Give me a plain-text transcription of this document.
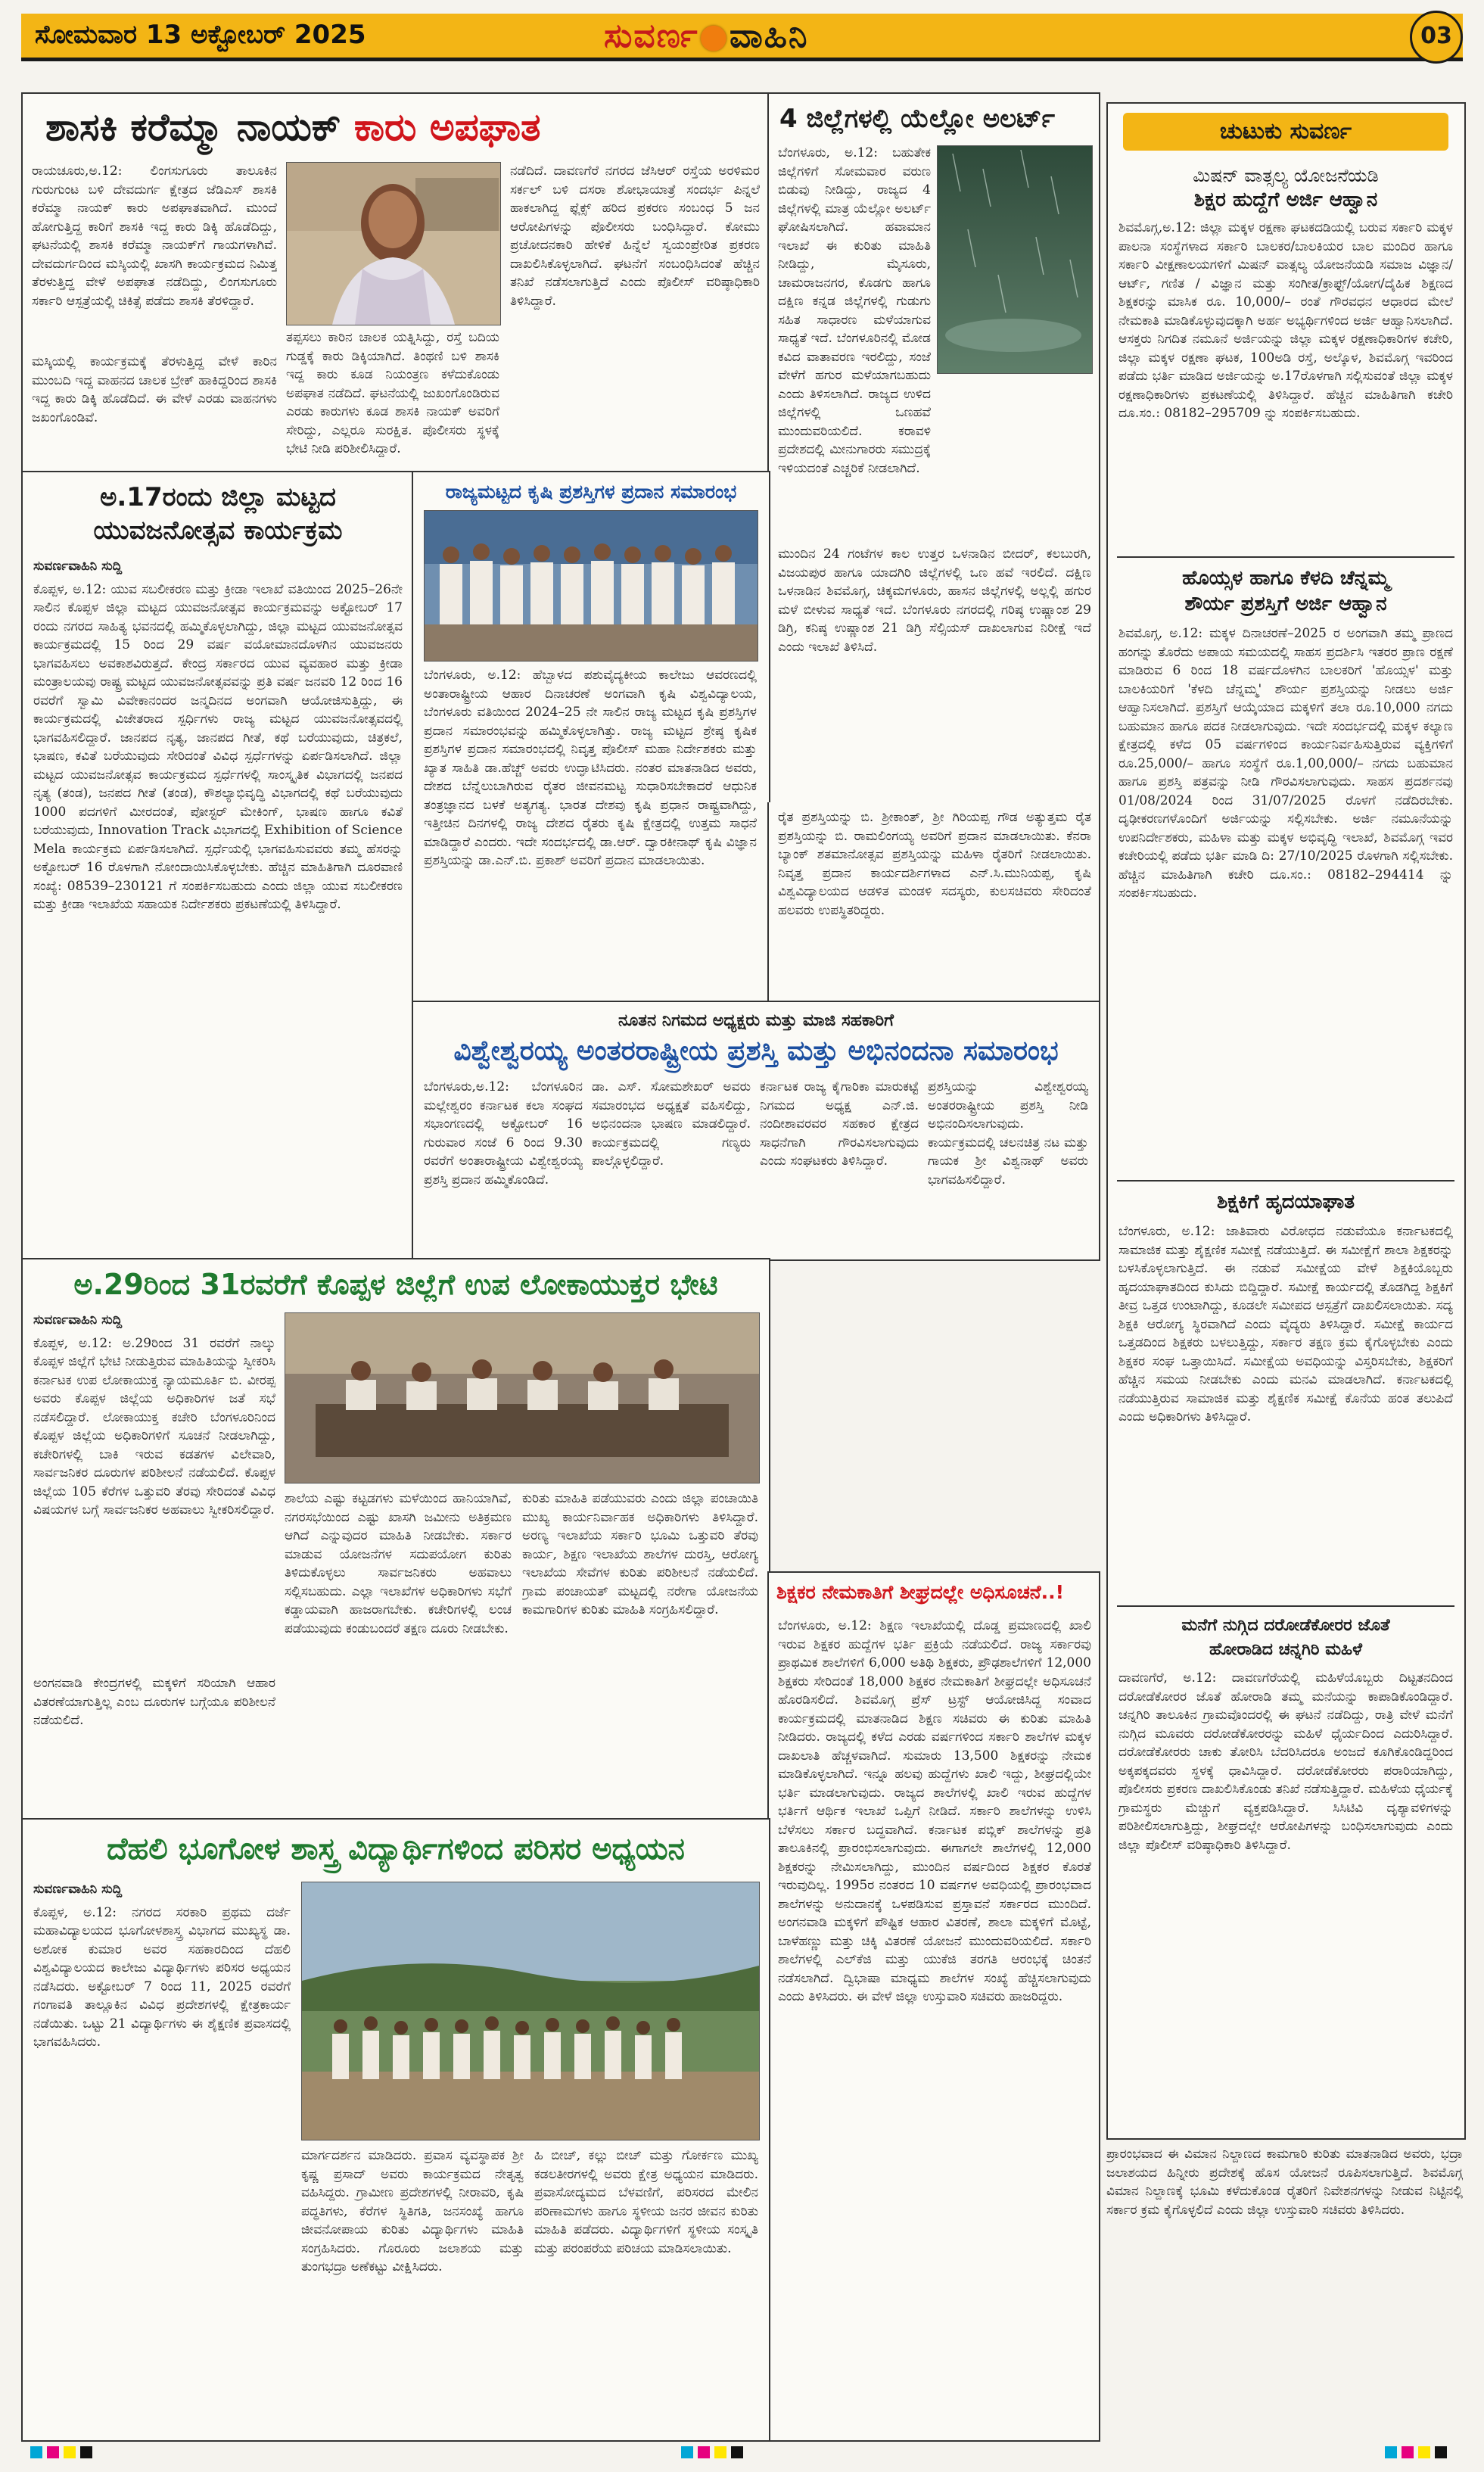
ಸೋಮವಾರ 13 ಅಕ್ಟೋಬರ್ 2025	ಸುವರ್ಣ●ವಾಹಿನಿ	03
ಶಾಸಕಿ ಕರೆಮ್ಮಾ ನಾಯಕ್ ಕಾರು ಅಪಘಾತ

ರಾಯಚೂರು,ಅ.12: ಲಿಂಗಸುಗೂರು ತಾಲೂಕಿನ ಗುರುಗುಂಟ ಬಳಿ ದೇವದುರ್ಗ ಕ್ಷೇತ್ರದ ಜೆಡಿಎಸ್ ಶಾಸಕಿ ಕರೆಮ್ಮಾ ನಾಯಕ್ ಕಾರು ಅಪಘಾತವಾಗಿದೆ. ಮುಂದೆ ಹೋಗುತ್ತಿದ್ದ ಕಾರಿಗೆ ಶಾಸಕಿ ಇದ್ದ ಕಾರು ಡಿಕ್ಕಿ ಹೊಡೆದಿದ್ದು, ಘಟನೆಯಲ್ಲಿ ಶಾಸಕಿ ಕರೆಮ್ಮಾ ನಾಯಕ್‌ಗೆ ಗಾಯಗಳಾಗಿವೆ. ದೇವದುರ್ಗದಿಂದ ಮಸ್ಕಿಯಲ್ಲಿ ಖಾಸಗಿ ಕಾರ್ಯಕ್ರಮದ ನಿಮಿತ್ತ ತೆರಳುತ್ತಿದ್ದ ವೇಳೆ ಅಪಘಾತ ನಡೆದಿದ್ದು, ಲಿಂಗಸುಗೂರು ಸರ್ಕಾರಿ ಆಸ್ಪತ್ರೆಯಲ್ಲಿ ಚಿಕಿತ್ಸೆ ಪಡೆದು ಶಾಸಕಿ ತೆರಳಿದ್ದಾರೆ.

ಮಸ್ಕಿಯಲ್ಲಿ ಕಾರ್ಯಕ್ರಮಕ್ಕೆ ತೆರಳುತ್ತಿದ್ದ ವೇಳೆ ಕಾರಿನ ಮುಂಬದಿ ಇದ್ದ ವಾಹನದ ಚಾಲಕ ಬ್ರೇಕ್ ಹಾಕಿದ್ದರಿಂದ ಶಾಸಕಿ ಇದ್ದ ಕಾರು ಡಿಕ್ಕಿ ಹೊಡೆದಿದೆ. ಈ ವೇಳೆ ಎರಡು ವಾಹನಗಳು ಜಖಂಗೊಂಡಿವೆ.

ತಪ್ಪಸಲು ಕಾರಿನ ಚಾಲಕ ಯತ್ನಿಸಿದ್ದು, ರಸ್ತೆ ಬದಿಯ ಗುಡ್ಡಕ್ಕೆ ಕಾರು ಡಿಕ್ಕಿಯಾಗಿದೆ. ತಿಂಥಣಿ ಬಳಿ ಶಾಸಕಿ ಇದ್ದ ಕಾರು ಕೂಡ ನಿಯಂತ್ರಣ ಕಳೆದುಕೊಂಡು ಅಪಘಾತ ನಡೆದಿದೆ. ಘಟನೆಯಲ್ಲಿ ಜುಖಂಗೊಂಡಿರುವ ಎರಡು ಕಾರುಗಳು ಕೂಡ ಶಾಸಕಿ ನಾಯಕ್ ಅವರಿಗೆ ಸೇರಿದ್ದು, ಎಲ್ಲರೂ ಸುರಕ್ಷಿತ. ಪೊಲೀಸರು ಸ್ಥಳಕ್ಕೆ ಭೇಟಿ ನೀಡಿ ಪರಿಶೀಲಿಸಿದ್ದಾರೆ.

ನಡೆದಿದೆ. ದಾವಣಗೆರೆ ನಗರದ ಜೆಸಿಆರ್ ರಸ್ತೆಯ ಅರಳಿಮರ ಸರ್ಕಲ್ ಬಳಿ ದಸರಾ ಶೋಭಾಯಾತ್ರೆ ಸಂದರ್ಭ ಪಿನ್ನಲೆ ಹಾಕಲಾಗಿದ್ದ ಫ್ಲೆಕ್ಸ್ ಹರಿದ ಪ್ರಕರಣ ಸಂಬಂಧ 5 ಜನ ಆರೋಪಿಗಳನ್ನು ಪೊಲೀಸರು ಬಂಧಿಸಿದ್ದಾರೆ. ಕೋಮು ಪ್ರಚೋದನಕಾರಿ ಹೇಳಿಕೆ ಹಿನ್ನೆಲೆ ಸ್ವಯಂಪ್ರೇರಿತ ಪ್ರಕರಣ ದಾಖಲಿಸಿಕೊಳ್ಳಲಾಗಿದೆ. ಘಟನೆಗೆ ಸಂಬಂಧಿಸಿದಂತೆ ಹೆಚ್ಚಿನ ತನಿಖೆ ನಡೆಸಲಾಗುತ್ತಿದೆ ಎಂದು ಪೊಲೀಸ್ ವರಿಷ್ಠಾಧಿಕಾರಿ ತಿಳಿಸಿದ್ದಾರೆ.

4 ಜಿಲ್ಲೆಗಳಲ್ಲಿ ಯೆಲ್ಲೋ ಅಲರ್ಟ್

ಬೆಂಗಳೂರು, ಅ.12: ಬಹುತೇಕ ಜಿಲ್ಲೆಗಳಿಗೆ ಸೋಮವಾರ ವರುಣ ಬಿಡುವು ನೀಡಿದ್ದು, ರಾಜ್ಯದ 4 ಜಿಲ್ಲೆಗಳಲ್ಲಿ ಮಾತ್ರ ಯೆಲ್ಲೋ ಅಲರ್ಟ್ ಘೋಷಿಸಲಾಗಿದೆ. ಹವಾಮಾನ ಇಲಾಖೆ ಈ ಕುರಿತು ಮಾಹಿತಿ ನೀಡಿದ್ದು, ಮೈಸೂರು, ಚಾಮರಾಜನಗರ, ಕೊಡಗು ಹಾಗೂ ದಕ್ಷಿಣ ಕನ್ನಡ ಜಿಲ್ಲೆಗಳಲ್ಲಿ ಗುಡುಗು ಸಹಿತ ಸಾಧಾರಣ ಮಳೆಯಾಗುವ ಸಾಧ್ಯತೆ ಇದೆ. ಬೆಂಗಳೂರಿನಲ್ಲಿ ಮೋಡ ಕವಿದ ವಾತಾವರಣ ಇರಲಿದ್ದು, ಸಂಜೆ ವೇಳೆಗೆ ಹಗುರ ಮಳೆಯಾಗಬಹುದು ಎಂದು ತಿಳಿಸಲಾಗಿದೆ. ರಾಜ್ಯದ ಉಳಿದ ಜಿಲ್ಲೆಗಳಲ್ಲಿ ಒಣಹವೆ ಮುಂದುವರಿಯಲಿದೆ. ಕರಾವಳಿ ಪ್ರದೇಶದಲ್ಲಿ ಮೀನುಗಾರರು ಸಮುದ್ರಕ್ಕೆ ಇಳಿಯದಂತೆ ಎಚ್ಚರಿಕೆ ನೀಡಲಾಗಿದೆ.

ಮುಂದಿನ 24 ಗಂಟೆಗಳ ಕಾಲ ಉತ್ತರ ಒಳನಾಡಿನ ಬೀದರ್, ಕಲಬುರಗಿ, ವಿಜಯಪುರ ಹಾಗೂ ಯಾದಗಿರಿ ಜಿಲ್ಲೆಗಳಲ್ಲಿ ಒಣ ಹವೆ ಇರಲಿದೆ. ದಕ್ಷಿಣ ಒಳನಾಡಿನ ಶಿವಮೊಗ್ಗ, ಚಿಕ್ಕಮಗಳೂರು, ಹಾಸನ ಜಿಲ್ಲೆಗಳಲ್ಲಿ ಅಲ್ಲಲ್ಲಿ ಹಗುರ ಮಳೆ ಬೀಳುವ ಸಾಧ್ಯತೆ ಇದೆ. ಬೆಂಗಳೂರು ನಗರದಲ್ಲಿ ಗರಿಷ್ಠ ಉಷ್ಣಾಂಶ 29 ಡಿಗ್ರಿ, ಕನಿಷ್ಠ ಉಷ್ಣಾಂಶ 21 ಡಿಗ್ರಿ ಸೆಲ್ಸಿಯಸ್ ದಾಖಲಾಗುವ ನಿರೀಕ್ಷೆ ಇದೆ ಎಂದು ಇಲಾಖೆ ತಿಳಿಸಿದೆ.

ಅ.17ರಂದು ಜಿಲ್ಲಾ ಮಟ್ಟದ
ಯುವಜನೋತ್ಸವ ಕಾರ್ಯಕ್ರಮ

ಸುವರ್ಣವಾಹಿನಿ ಸುದ್ದಿ

ಕೊಪ್ಪಳ, ಅ.12: ಯುವ ಸಬಲೀಕರಣ ಮತ್ತು ಕ್ರೀಡಾ ಇಲಾಖೆ ವತಿಯಿಂದ 2025–26ನೇ ಸಾಲಿನ ಕೊಪ್ಪಳ ಜಿಲ್ಲಾ ಮಟ್ಟದ ಯುವಜನೋತ್ಸವ ಕಾರ್ಯಕ್ರಮವನ್ನು ಅಕ್ಟೋಬರ್ 17 ರಂದು ನಗರದ ಸಾಹಿತ್ಯ ಭವನದಲ್ಲಿ ಹಮ್ಮಿಕೊಳ್ಳಲಾಗಿದ್ದು, ಜಿಲ್ಲಾ ಮಟ್ಟದ ಯುವಜನೋತ್ಸವ ಕಾರ್ಯಕ್ರಮದಲ್ಲಿ 15 ರಿಂದ 29 ವರ್ಷ ವಯೋಮಾನದೊಳಗಿನ ಯುವಜನರು ಭಾಗವಹಿಸಲು ಅವಕಾಶವಿರುತ್ತದೆ. ಕೇಂದ್ರ ಸರ್ಕಾರದ ಯುವ ವ್ಯವಹಾರ ಮತ್ತು ಕ್ರೀಡಾ ಮಂತ್ರಾಲಯವು ರಾಷ್ಟ್ರ ಮಟ್ಟದ ಯುವಜನೋತ್ಸವವನ್ನು ಪ್ರತಿ ವರ್ಷ ಜನವರಿ 12 ರಿಂದ 16 ರವರೆಗೆ ಸ್ವಾಮಿ ವಿವೇಕಾನಂದರ ಜನ್ಮದಿನದ ಅಂಗವಾಗಿ ಆಯೋಜಿಸುತ್ತಿದ್ದು, ಈ ಕಾರ್ಯಕ್ರಮದಲ್ಲಿ ವಿಜೇತರಾದ ಸ್ಪರ್ಧಿಗಳು ರಾಜ್ಯ ಮಟ್ಟದ ಯುವಜನೋತ್ಸವದಲ್ಲಿ ಭಾಗವಹಿಸಲಿದ್ದಾರೆ. ಜಾನಪದ ನೃತ್ಯ, ಜಾನಪದ ಗೀತೆ, ಕಥೆ ಬರೆಯುವುದು, ಚಿತ್ರಕಲೆ, ಭಾಷಣ, ಕವಿತೆ ಬರೆಯುವುದು ಸೇರಿದಂತೆ ವಿವಿಧ ಸ್ಪರ್ಧೆಗಳನ್ನು ಏರ್ಪಡಿಸಲಾಗಿದೆ. ಜಿಲ್ಲಾ ಮಟ್ಟದ ಯುವಜನೋತ್ಸವ ಕಾರ್ಯಕ್ರಮದ ಸ್ಪರ್ಧೆಗಳಲ್ಲಿ ಸಾಂಸ್ಕೃತಿಕ ವಿಭಾಗದಲ್ಲಿ ಜನಪದ ನೃತ್ಯ (ತಂಡ), ಜನಪದ ಗೀತೆ (ತಂಡ), ಕೌಶಲ್ಯಾಭಿವೃದ್ಧಿ ವಿಭಾಗದಲ್ಲಿ ಕಥೆ ಬರೆಯುವುದು 1000 ಪದಗಳಿಗೆ ಮೀರದಂತೆ, ಪೋಸ್ಟರ್ ಮೇಕಿಂಗ್, ಭಾಷಣ ಹಾಗೂ ಕವಿತೆ ಬರೆಯುವುದು, Innovation Track ವಿಭಾಗದಲ್ಲಿ Exhibition of Science Mela ಕಾರ್ಯಕ್ರಮ ಏರ್ಪಡಿಸಲಾಗಿದೆ. ಸ್ಪರ್ಧೆಯಲ್ಲಿ ಭಾಗವಹಿಸುವವರು ತಮ್ಮ ಹೆಸರನ್ನು ಅಕ್ಟೋಬರ್ 16 ರೊಳಗಾಗಿ ನೋಂದಾಯಿಸಿಕೊಳ್ಳಬೇಕು. ಹೆಚ್ಚಿನ ಮಾಹಿತಿಗಾಗಿ ದೂರವಾಣಿ ಸಂಖ್ಯೆ: 08539–230121 ಗೆ ಸಂಪರ್ಕಿಸಬಹುದು ಎಂದು ಜಿಲ್ಲಾ ಯುವ ಸಬಲೀಕರಣ ಮತ್ತು ಕ್ರೀಡಾ ಇಲಾಖೆಯ ಸಹಾಯಕ ನಿರ್ದೇಶಕರು ಪ್ರಕಟಣೆಯಲ್ಲಿ ತಿಳಿಸಿದ್ದಾರೆ.

ರಾಜ್ಯಮಟ್ಟದ ಕೃಷಿ ಪ್ರಶಸ್ತಿಗಳ ಪ್ರದಾನ ಸಮಾರಂಭ

ಬೆಂಗಳೂರು, ಅ.12: ಹೆಬ್ಬಾಳದ ಪಶುವೈದ್ಯಕೀಯ ಕಾಲೇಜು ಆವರಣದಲ್ಲಿ ಅಂತಾರಾಷ್ಟ್ರೀಯ ಆಹಾರ ದಿನಾಚರಣೆ ಅಂಗವಾಗಿ ಕೃಷಿ ವಿಶ್ವವಿದ್ಯಾಲಯ, ಬೆಂಗಳೂರು ವತಿಯಿಂದ 2024–25 ನೇ ಸಾಲಿನ ರಾಜ್ಯ ಮಟ್ಟದ ಕೃಷಿ ಪ್ರಶಸ್ತಿಗಳ ಪ್ರದಾನ ಸಮಾರಂಭವನ್ನು ಹಮ್ಮಿಕೊಳ್ಳಲಾಗಿತ್ತು. ರಾಜ್ಯ ಮಟ್ಟದ ಶ್ರೇಷ್ಠ ಕೃಷಿಕ ಪ್ರಶಸ್ತಿಗಳ ಪ್ರದಾನ ಸಮಾರಂಭದಲ್ಲಿ ನಿವೃತ್ತ ಪೊಲೀಸ್ ಮಹಾ ನಿರ್ದೇಶಕರು ಮತ್ತು ಖ್ಯಾತ ಸಾಹಿತಿ ಡಾ.ಹೆಚ್ಚ್ ಅವರು ಉದ್ಘಾಟಿಸಿದರು. ನಂತರ ಮಾತನಾಡಿದ ಅವರು, ದೇಶದ ಬೆನ್ನೆಲುಬಾಗಿರುವ ರೈತರ ಜೀವನಮಟ್ಟ ಸುಧಾರಿಸಬೇಕಾದರೆ ಆಧುನಿಕ ತಂತ್ರಜ್ಞಾನದ ಬಳಕೆ ಅತ್ಯಗತ್ಯ. ಭಾರತ ದೇಶವು ಕೃಷಿ ಪ್ರಧಾನ ರಾಷ್ಟ್ರವಾಗಿದ್ದು, ಇತ್ತೀಚಿನ ದಿನಗಳಲ್ಲಿ ರಾಜ್ಯ ದೇಶದ ರೈತರು ಕೃಷಿ ಕ್ಷೇತ್ರದಲ್ಲಿ ಉತ್ತಮ ಸಾಧನೆ ಮಾಡಿದ್ದಾರೆ ಎಂದರು. ಇದೇ ಸಂದರ್ಭದಲ್ಲಿ ಡಾ.ಆರ್. ದ್ವಾರಕೀನಾಥ್ ಕೃಷಿ ವಿಜ್ಞಾನ ಪ್ರಶಸ್ತಿಯನ್ನು ಡಾ.ಎನ್.ಬಿ. ಪ್ರಕಾಶ್ ಅವರಿಗೆ ಪ್ರದಾನ ಮಾಡಲಾಯಿತು.

ರೈತ ಪ್ರಶಸ್ತಿಯನ್ನು ಬಿ. ಶ್ರೀಕಾಂತ್, ಶ್ರೀ ಗಿರಿಯಪ್ಪ ಗೌಡ ಅತ್ಯುತ್ತಮ ರೈತ ಪ್ರಶಸ್ತಿಯನ್ನು ಬಿ. ರಾಮಲಿಂಗಯ್ಯ ಅವರಿಗೆ ಪ್ರದಾನ ಮಾಡಲಾಯಿತು. ಕೆನರಾ ಬ್ಯಾಂಕ್ ಶತಮಾನೋತ್ಸವ ಪ್ರಶಸ್ತಿಯನ್ನು ಮಹಿಳಾ ರೈತರಿಗೆ ನೀಡಲಾಯಿತು. ನಿವೃತ್ತ ಪ್ರದಾನ ಕಾರ್ಯದರ್ಶಿಗಳಾದ ಎನ್.ಸಿ.ಮುನಿಯಪ್ಪ, ಕೃಷಿ ವಿಶ್ವವಿದ್ಯಾಲಯದ ಆಡಳಿತ ಮಂಡಳಿ ಸದಸ್ಯರು, ಕುಲಸಚಿವರು ಸೇರಿದಂತೆ ಹಲವರು ಉಪಸ್ಥಿತರಿದ್ದರು.

ನೂತನ ನಿಗಮದ ಅಧ್ಯಕ್ಷರು ಮತ್ತು ಮಾಜಿ ಸಹಕಾರಿಗೆ
ವಿಶ್ವೇಶ್ವರಯ್ಯ ಅಂತರರಾಷ್ಟ್ರೀಯ ಪ್ರಶಸ್ತಿ ಮತ್ತು ಅಭಿನಂದನಾ ಸಮಾರಂಭ

ಬೆಂಗಳೂರು,ಅ.12: ಬೆಂಗಳೂರಿನ ಮಲ್ಲೇಶ್ವರಂ ಕರ್ನಾಟಕ ಕಲಾ ಸಂಘದ ಸಭಾಂಗಣದಲ್ಲಿ ಅಕ್ಟೋಬರ್ 16 ಗುರುವಾರ ಸಂಜೆ 6 ರಿಂದ 9.30 ರವರೆಗೆ ಅಂತಾರಾಷ್ಟ್ರೀಯ ವಿಶ್ವೇಶ್ವರಯ್ಯ ಪ್ರಶಸ್ತಿ ಪ್ರದಾನ ಹಮ್ಮಿಕೊಂಡಿದೆ.

ಡಾ. ಎಸ್. ಸೋಮಶೇಖರ್ ಅವರು ಸಮಾರಂಭದ ಅಧ್ಯಕ್ಷತೆ ವಹಿಸಲಿದ್ದು, ಅಭಿನಂದನಾ ಭಾಷಣ ಮಾಡಲಿದ್ದಾರೆ. ಕಾರ್ಯಕ್ರಮದಲ್ಲಿ ಗಣ್ಯರು ಪಾಲ್ಗೊಳ್ಳಲಿದ್ದಾರೆ.

ಕರ್ನಾಟಕ ರಾಜ್ಯ ಕೈಗಾರಿಕಾ ಮಾರುಕಟ್ಟೆ ನಿಗಮದ ಅಧ್ಯಕ್ಷ ಎನ್.ಜಿ. ನಂದೀಶಾವರವರ ಸಹಕಾರ ಕ್ಷೇತ್ರದ ಸಾಧನೆಗಾಗಿ ಗೌರವಿಸಲಾಗುವುದು ಎಂದು ಸಂಘಟಕರು ತಿಳಿಸಿದ್ದಾರೆ.

ಪ್ರಶಸ್ತಿಯನ್ನು ವಿಶ್ವೇಶ್ವರಯ್ಯ ಅಂತರರಾಷ್ಟ್ರೀಯ ಪ್ರಶಸ್ತಿ ನೀಡಿ ಅಭಿನಂದಿಸಲಾಗುವುದು. ಕಾರ್ಯಕ್ರಮದಲ್ಲಿ ಚಲನಚಿತ್ರ ನಟ ಮತ್ತು ಗಾಯಕ ಶ್ರೀ ವಿಶ್ವನಾಥ್ ಅವರು ಭಾಗವಹಿಸಲಿದ್ದಾರೆ.

ಅ.29ರಿಂದ 31ರವರೆಗೆ ಕೊಪ್ಪಳ ಜಿಲ್ಲೆಗೆ ಉಪ ಲೋಕಾಯುಕ್ತರ ಭೇಟಿ

ಸುವರ್ಣವಾಹಿನಿ ಸುದ್ದಿ

ಕೊಪ್ಪಳ, ಅ.12: ಅ.29ರಿಂದ 31 ರವರೆಗೆ ನಾಲ್ಕು ಕೊಪ್ಪಳ ಜಿಲ್ಲೆಗೆ ಭೇಟಿ ನೀಡುತ್ತಿರುವ ಮಾಹಿತಿಯನ್ನು ಸ್ವೀಕರಿಸಿ ಕರ್ನಾಟಕ ಉಪ ಲೋಕಾಯುಕ್ತ ನ್ಯಾಯಮೂರ್ತಿ ಬಿ. ವೀರಪ್ಪ ಅವರು ಕೊಪ್ಪಳ ಜಿಲ್ಲೆಯ ಅಧಿಕಾರಿಗಳ ಜತೆ ಸಭೆ ನಡೆಸಲಿದ್ದಾರೆ. ಲೋಕಾಯುಕ್ತ ಕಚೇರಿ ಬೆಂಗಳೂರಿನಿಂದ ಕೊಪ್ಪಳ ಜಿಲ್ಲೆಯ ಅಧಿಕಾರಿಗಳಿಗೆ ಸೂಚನೆ ನೀಡಲಾಗಿದ್ದು, ಕಚೇರಿಗಳಲ್ಲಿ ಬಾಕಿ ಇರುವ ಕಡತಗಳ ವಿಲೇವಾರಿ, ಸಾರ್ವಜನಿಕರ ದೂರುಗಳ ಪರಿಶೀಲನೆ ನಡೆಯಲಿದೆ. ಕೊಪ್ಪಳ ಜಿಲ್ಲೆಯ 105 ಕೆರೆಗಳ ಒತ್ತುವರಿ ತೆರವು ಸೇರಿದಂತೆ ವಿವಿಧ ವಿಷಯಗಳ ಬಗ್ಗೆ ಸಾರ್ವಜನಿಕರ ಅಹವಾಲು ಸ್ವೀಕರಿಸಲಿದ್ದಾರೆ.

ಅಂಗನವಾಡಿ ಕೇಂದ್ರಗಳಲ್ಲಿ ಮಕ್ಕಳಿಗೆ ಸರಿಯಾಗಿ ಆಹಾರ ವಿತರಣೆಯಾಗುತ್ತಿಲ್ಲ ಎಂಬ ದೂರುಗಳ ಬಗ್ಗೆಯೂ ಪರಿಶೀಲನೆ ನಡೆಯಲಿದೆ.

ಶಾಲೆಯ ಎಷ್ಟು ಕಟ್ಟಡಗಳು ಮಳೆಯಿಂದ ಹಾನಿಯಾಗಿವೆ, ನಗರಸಭೆಯಿಂದ ಎಷ್ಟು ಖಾಸಗಿ ಜಮೀನು ಅತಿಕ್ರಮಣ ಆಗಿದೆ ಎನ್ನುವುದರ ಮಾಹಿತಿ ನೀಡಬೇಕು. ಸರ್ಕಾರ ಮಾಡುವ ಯೋಜನೆಗಳ ಸದುಪಯೋಗ ಕುರಿತು ತಿಳಿದುಕೊಳ್ಳಲು ಸಾರ್ವಜನಿಕರು ಅಹವಾಲು ಸಲ್ಲಿಸಬಹುದು. ಎಲ್ಲಾ ಇಲಾಖೆಗಳ ಅಧಿಕಾರಿಗಳು ಸಭೆಗೆ ಕಡ್ಡಾಯವಾಗಿ ಹಾಜರಾಗಬೇಕು. ಕಚೇರಿಗಳಲ್ಲಿ ಲಂಚ ಪಡೆಯುವುದು ಕಂಡುಬಂದರೆ ತಕ್ಷಣ ದೂರು ನೀಡಬೇಕು.

ಕುರಿತು ಮಾಹಿತಿ ಪಡೆಯುವರು ಎಂದು ಜಿಲ್ಲಾ ಪಂಚಾಯಿತಿ ಮುಖ್ಯ ಕಾರ್ಯನಿರ್ವಾಹಕ ಅಧಿಕಾರಿಗಳು ತಿಳಿಸಿದ್ದಾರೆ. ಅರಣ್ಯ ಇಲಾಖೆಯ ಸರ್ಕಾರಿ ಭೂಮಿ ಒತ್ತುವರಿ ತೆರವು ಕಾರ್ಯ, ಶಿಕ್ಷಣ ಇಲಾಖೆಯ ಶಾಲೆಗಳ ದುರಸ್ತಿ, ಆರೋಗ್ಯ ಇಲಾಖೆಯ ಸೇವೆಗಳ ಕುರಿತು ಪರಿಶೀಲನೆ ನಡೆಯಲಿದೆ. ಗ್ರಾಮ ಪಂಚಾಯತ್ ಮಟ್ಟದಲ್ಲಿ ನರೇಗಾ ಯೋಜನೆಯ ಕಾಮಗಾರಿಗಳ ಕುರಿತು ಮಾಹಿತಿ ಸಂಗ್ರಹಿಸಲಿದ್ದಾರೆ.

ಶಿಕ್ಷಕರ ನೇಮಕಾತಿಗೆ ಶೀಘ್ರದಲ್ಲೇ ಅಧಿಸೂಚನೆ..!

ಬೆಂಗಳೂರು, ಅ.12: ಶಿಕ್ಷಣ ಇಲಾಖೆಯಲ್ಲಿ ದೊಡ್ಡ ಪ್ರಮಾಣದಲ್ಲಿ ಖಾಲಿ ಇರುವ ಶಿಕ್ಷಕರ ಹುದ್ದೆಗಳ ಭರ್ತಿ ಪ್ರಕ್ರಿಯೆ ನಡೆಯಲಿದೆ. ರಾಜ್ಯ ಸರ್ಕಾರವು ಪ್ರಾಥಮಿಕ ಶಾಲೆಗಳಿಗೆ 6,000 ಅತಿಥಿ ಶಿಕ್ಷಕರು, ಪ್ರೌಢಶಾಲೆಗಳಿಗೆ 12,000 ಶಿಕ್ಷಕರು ಸೇರಿದಂತೆ 18,000 ಶಿಕ್ಷಕರ ನೇಮಕಾತಿಗೆ ಶೀಘ್ರದಲ್ಲೇ ಅಧಿಸೂಚನೆ ಹೊರಡಿಸಲಿದೆ. ಶಿವಮೊಗ್ಗ ಪ್ರೆಸ್ ಟ್ರಸ್ಟ್ ಆಯೋಜಿಸಿದ್ದ ಸಂವಾದ ಕಾರ್ಯಕ್ರಮದಲ್ಲಿ ಮಾತನಾಡಿದ ಶಿಕ್ಷಣ ಸಚಿವರು ಈ ಕುರಿತು ಮಾಹಿತಿ ನೀಡಿದರು. ರಾಜ್ಯದಲ್ಲಿ ಕಳೆದ ಎರಡು ವರ್ಷಗಳಿಂದ ಸರ್ಕಾರಿ ಶಾಲೆಗಳ ಮಕ್ಕಳ ದಾಖಲಾತಿ ಹೆಚ್ಚಳವಾಗಿದೆ. ಸುಮಾರು 13,500 ಶಿಕ್ಷಕರನ್ನು ನೇಮಕ ಮಾಡಿಕೊಳ್ಳಲಾಗಿದೆ. ಇನ್ನೂ ಹಲವು ಹುದ್ದೆಗಳು ಖಾಲಿ ಇದ್ದು, ಶೀಘ್ರದಲ್ಲಿಯೇ ಭರ್ತಿ ಮಾಡಲಾಗುವುದು. ರಾಜ್ಯದ ಶಾಲೆಗಳಲ್ಲಿ ಖಾಲಿ ಇರುವ ಹುದ್ದೆಗಳ ಭರ್ತಿಗೆ ಆರ್ಥಿಕ ಇಲಾಖೆ ಒಪ್ಪಿಗೆ ನೀಡಿದೆ. ಸರ್ಕಾರಿ ಶಾಲೆಗಳನ್ನು ಉಳಿಸಿ ಬೆಳೆಸಲು ಸರ್ಕಾರ ಬದ್ಧವಾಗಿದೆ. ಕರ್ನಾಟಕ ಪಬ್ಲಿಕ್ ಶಾಲೆಗಳನ್ನು ಪ್ರತಿ ತಾಲೂಕಿನಲ್ಲಿ ಪ್ರಾರಂಭಿಸಲಾಗುವುದು. ಈಗಾಗಲೇ ಶಾಲೆಗಳಲ್ಲಿ 12,000 ಶಿಕ್ಷಕರನ್ನು ನೇಮಿಸಲಾಗಿದ್ದು, ಮುಂದಿನ ವರ್ಷದಿಂದ ಶಿಕ್ಷಕರ ಕೊರತೆ ಇರುವುದಿಲ್ಲ. 1995ರ ನಂತರದ 10 ವರ್ಷಗಳ ಅವಧಿಯಲ್ಲಿ ಪ್ರಾರಂಭವಾದ ಶಾಲೆಗಳನ್ನು ಅನುದಾನಕ್ಕೆ ಒಳಪಡಿಸುವ ಪ್ರಸ್ತಾವನೆ ಸರ್ಕಾರದ ಮುಂದಿದೆ. ಅಂಗನವಾಡಿ ಮಕ್ಕಳಿಗೆ ಪೌಷ್ಟಿಕ ಆಹಾರ ವಿತರಣೆ, ಶಾಲಾ ಮಕ್ಕಳಿಗೆ ಮೊಟ್ಟೆ, ಬಾಳೆಹಣ್ಣು ಮತ್ತು ಚಿಕ್ಕಿ ವಿತರಣೆ ಯೋಜನೆ ಮುಂದುವರಿಯಲಿದೆ. ಸರ್ಕಾರಿ ಶಾಲೆಗಳಲ್ಲಿ ಎಲ್‌ಕೆಜಿ ಮತ್ತು ಯುಕೆಜಿ ತರಗತಿ ಆರಂಭಕ್ಕೆ ಚಿಂತನೆ ನಡೆಸಲಾಗಿದೆ. ದ್ವಿಭಾಷಾ ಮಾಧ್ಯಮ ಶಾಲೆಗಳ ಸಂಖ್ಯೆ ಹೆಚ್ಚಿಸಲಾಗುವುದು ಎಂದು ತಿಳಿಸಿದರು. ಈ ವೇಳೆ ಜಿಲ್ಲಾ ಉಸ್ತುವಾರಿ ಸಚಿವರು ಹಾಜರಿದ್ದರು.

ದೆಹಲಿ ಭೂಗೋಳ ಶಾಸ್ತ್ರ ವಿದ್ಯಾರ್ಥಿಗಳಿಂದ ಪರಿಸರ ಅಧ್ಯಯನ

ಸುವರ್ಣವಾಹಿನಿ ಸುದ್ದಿ

ಕೊಪ್ಪಳ, ಅ.12: ನಗರದ ಸರಕಾರಿ ಪ್ರಥಮ ದರ್ಜೆ ಮಹಾವಿದ್ಯಾಲಯದ ಭೂಗೋಳಶಾಸ್ತ್ರ ವಿಭಾಗದ ಮುಖ್ಯಸ್ಥ ಡಾ. ಅಶೋಕ ಕುಮಾರ ಅವರ ಸಹಕಾರದಿಂದ ದೆಹಲಿ ವಿಶ್ವವಿದ್ಯಾಲಯದ ಕಾಲೇಜು ವಿದ್ಯಾರ್ಥಿಗಳು ಪರಿಸರ ಅಧ್ಯಯನ ನಡೆಸಿದರು. ಅಕ್ಟೋಬರ್ 7 ರಿಂದ 11, 2025 ರವರೆಗೆ ಗಂಗಾವತಿ ತಾಲ್ಲೂಕಿನ ವಿವಿಧ ಪ್ರದೇಶಗಳಲ್ಲಿ ಕ್ಷೇತ್ರಕಾರ್ಯ ನಡೆಯಿತು. ಒಟ್ಟು 21 ವಿದ್ಯಾರ್ಥಿಗಳು ಈ ಶೈಕ್ಷಣಿಕ ಪ್ರವಾಸದಲ್ಲಿ ಭಾಗವಹಿಸಿದರು.

ಮಾರ್ಗದರ್ಶನ ಮಾಡಿದರು. ಪ್ರವಾಸ ವ್ಯವಸ್ಥಾಪಕ ಶ್ರೀ ಕೃಷ್ಣ ಪ್ರಸಾದ್ ಅವರು ಕಾರ್ಯಕ್ರಮದ ನೇತೃತ್ವ ವಹಿಸಿದ್ದರು. ಗ್ರಾಮೀಣ ಪ್ರದೇಶಗಳಲ್ಲಿ ನೀರಾವರಿ, ಕೃಷಿ ಪದ್ಧತಿಗಳು, ಕೆರೆಗಳ ಸ್ಥಿತಿಗತಿ, ಜನಸಂಖ್ಯೆ ಹಾಗೂ ಜೀವನೋಪಾಯ ಕುರಿತು ವಿದ್ಯಾರ್ಥಿಗಳು ಮಾಹಿತಿ ಸಂಗ್ರಹಿಸಿದರು. ಗೊರೂರು ಜಲಾಶಯ ಮತ್ತು ತುಂಗಭದ್ರಾ ಅಣೆಕಟ್ಟು ವೀಕ್ಷಿಸಿದರು.

ಹಿ ಬೀಚ್, ಕಲ್ಲು ಬೀಚ್ ಮತ್ತು ಗೋರ್ಕಣ ಮುಖ್ಯ ಕಡಲತೀರಗಳಲ್ಲಿ ಅವರು ಕ್ಷೇತ್ರ ಅಧ್ಯಯನ ಮಾಡಿದರು. ಪ್ರವಾಸೋದ್ಯಮದ ಬೆಳವಣಿಗೆ, ಪರಿಸರದ ಮೇಲಿನ ಪರಿಣಾಮಗಳು ಹಾಗೂ ಸ್ಥಳೀಯ ಜನರ ಜೀವನ ಕುರಿತು ಮಾಹಿತಿ ಪಡೆದರು. ವಿದ್ಯಾರ್ಥಿಗಳಿಗೆ ಸ್ಥಳೀಯ ಸಂಸ್ಕೃತಿ ಮತ್ತು ಪರಂಪರೆಯ ಪರಿಚಯ ಮಾಡಿಸಲಾಯಿತು.

ಚುಟುಕು ಸುವರ್ಣ
ಮಿಷನ್ ವಾತ್ಸಲ್ಯ ಯೋಜನೆಯಡಿ
ಶಿಕ್ಷರ ಹುದ್ದೆಗೆ ಅರ್ಜಿ ಆಹ್ವಾನ

ಶಿವಮೊಗ್ಗ,ಅ.12: ಜಿಲ್ಲಾ ಮಕ್ಕಳ ರಕ್ಷಣಾ ಘಟಕದಡಿಯಲ್ಲಿ ಬರುವ ಸರ್ಕಾರಿ ಮಕ್ಕಳ ಪಾಲನಾ ಸಂಸ್ಥೆಗಳಾದ ಸರ್ಕಾರಿ ಬಾಲಕರ/ಬಾಲಕಿಯರ ಬಾಲ ಮಂದಿರ ಹಾಗೂ ಸರ್ಕಾರಿ ವೀಕ್ಷಣಾಲಯಗಳಿಗೆ ಮಿಷನ್ ವಾತ್ಸಲ್ಯ ಯೋಜನೆಯಡಿ ಸಮಾಜ ವಿಜ್ಞಾನ/ಆರ್ಟ್, ಗಣಿತ / ವಿಜ್ಞಾನ ಮತ್ತು ಸಂಗೀತ/ಕ್ರಾಫ್ಟ್/ಯೋಗ/ದೈಹಿಕ ಶಿಕ್ಷಣದ ಶಿಕ್ಷಕರನ್ನು ಮಾಸಿಕ ರೂ. 10,000/– ರಂತೆ ಗೌರವಧನ ಆಧಾರದ ಮೇಲೆ ನೇಮಕಾತಿ ಮಾಡಿಕೊಳ್ಳುವುದಕ್ಕಾಗಿ ಅರ್ಹ ಅಭ್ಯರ್ಥಿಗಳಿಂದ ಅರ್ಜಿ ಆಹ್ವಾನಿಸಲಾಗಿದೆ. ಆಸಕ್ತರು ನಿಗದಿತ ನಮೂನೆ ಅರ್ಜಿಯನ್ನು ಜಿಲ್ಲಾ ಮಕ್ಕಳ ರಕ್ಷಣಾಧಿಕಾರಿಗಳ ಕಚೇರಿ, ಜಿಲ್ಲಾ ಮಕ್ಕಳ ರಕ್ಷಣಾ ಘಟಕ, 100ಅಡಿ ರಸ್ತೆ, ಅಲ್ಕೊಳ, ಶಿವಮೊಗ್ಗ ಇವರಿಂದ ಪಡೆದು ಭರ್ತಿ ಮಾಡಿದ ಅರ್ಜಿಯನ್ನು ಅ.17ರೊಳಗಾಗಿ ಸಲ್ಲಿಸುವಂತೆ ಜಿಲ್ಲಾ ಮಕ್ಕಳ ರಕ್ಷಣಾಧಿಕಾರಿಗಳು ಪ್ರಕಟಣೆಯಲ್ಲಿ ತಿಳಿಸಿದ್ದಾರೆ. ಹೆಚ್ಚಿನ ಮಾಹಿತಿಗಾಗಿ ಕಚೇರಿ ದೂ.ಸಂ.: 08182–295709 ನ್ನು ಸಂಪರ್ಕಿಸಬಹುದು.

ಹೊಯ್ಸಳ ಹಾಗೂ ಕೆಳದಿ ಚೆನ್ನಮ್ಮ
ಶೌರ್ಯ ಪ್ರಶಸ್ತಿಗೆ ಅರ್ಜಿ ಆಹ್ವಾನ

ಶಿವಮೊಗ್ಗ, ಅ.12: ಮಕ್ಕಳ ದಿನಾಚರಣೆ–2025 ರ ಅಂಗವಾಗಿ ತಮ್ಮ ಪ್ರಾಣದ ಹಂಗನ್ನು ತೊರೆದು ಅಪಾಯ ಸಮಯದಲ್ಲಿ ಸಾಹಸ ಪ್ರದರ್ಶಿಸಿ ಇತರರ ಪ್ರಾಣ ರಕ್ಷಣೆ ಮಾಡಿರುವ 6 ರಿಂದ 18 ವರ್ಷದೊಳಗಿನ ಬಾಲಕರಿಗೆ 'ಹೊಯ್ಸಳ' ಮತ್ತು ಬಾಲಕಿಯರಿಗೆ 'ಕೆಳದಿ ಚೆನ್ನಮ್ಮ' ಶೌರ್ಯ ಪ್ರಶಸ್ತಿಯನ್ನು ನೀಡಲು ಅರ್ಜಿ ಆಹ್ವಾನಿಸಲಾಗಿದೆ. ಪ್ರಶಸ್ತಿಗೆ ಆಯ್ಕೆಯಾದ ಮಕ್ಕಳಿಗೆ ತಲಾ ರೂ.10,000 ನಗದು ಬಹುಮಾನ ಹಾಗೂ ಪದಕ ನೀಡಲಾಗುವುದು. ಇದೇ ಸಂದರ್ಭದಲ್ಲಿ ಮಕ್ಕಳ ಕಲ್ಯಾಣ ಕ್ಷೇತ್ರದಲ್ಲಿ ಕಳೆದ 05 ವರ್ಷಗಳಿಂದ ಕಾರ್ಯನಿರ್ವಹಿಸುತ್ತಿರುವ ವ್ಯಕ್ತಿಗಳಿಗೆ ರೂ.25,000/– ಹಾಗೂ ಸಂಸ್ಥೆಗೆ ರೂ.1,00,000/– ನಗದು ಬಹುಮಾನ ಹಾಗೂ ಪ್ರಶಸ್ತಿ ಪತ್ರವನ್ನು ನೀಡಿ ಗೌರವಿಸಲಾಗುವುದು. ಸಾಹಸ ಪ್ರದರ್ಶನವು 01/08/2024 ರಿಂದ 31/07/2025 ರೊಳಗೆ ನಡೆದಿರಬೇಕು. ದೃಢೀಕರಣಗಳೊಂದಿಗೆ ಅರ್ಜಿಯನ್ನು ಸಲ್ಲಿಸಬೇಕು. ಅರ್ಜಿ ನಮೂನೆಯನ್ನು ಉಪನಿರ್ದೇಶಕರು, ಮಹಿಳಾ ಮತ್ತು ಮಕ್ಕಳ ಅಭಿವೃದ್ಧಿ ಇಲಾಖೆ, ಶಿವಮೊಗ್ಗ ಇವರ ಕಚೇರಿಯಲ್ಲಿ ಪಡೆದು ಭರ್ತಿ ಮಾಡಿ ದಿ: 27/10/2025 ರೊಳಗಾಗಿ ಸಲ್ಲಿಸಬೇಕು. ಹೆಚ್ಚಿನ ಮಾಹಿತಿಗಾಗಿ ಕಚೇರಿ ದೂ.ಸಂ.: 08182–294414 ನ್ನು ಸಂಪರ್ಕಿಸಬಹುದು.

ಶಿಕ್ಷಕಿಗೆ ಹೃದಯಾಘಾತ

ಬೆಂಗಳೂರು, ಅ.12: ಜಾತಿವಾರು ವಿರೋಧದ ನಡುವೆಯೂ ಕರ್ನಾಟಕದಲ್ಲಿ ಸಾಮಾಜಿಕ ಮತ್ತು ಶೈಕ್ಷಣಿಕ ಸಮೀಕ್ಷೆ ನಡೆಯುತ್ತಿದೆ. ಈ ಸಮೀಕ್ಷೆಗೆ ಶಾಲಾ ಶಿಕ್ಷಕರನ್ನು ಬಳಸಿಕೊಳ್ಳಲಾಗುತ್ತಿದೆ. ಈ ನಡುವೆ ಸಮೀಕ್ಷೆಯ ವೇಳೆ ಶಿಕ್ಷಕಿಯೊಬ್ಬರು ಹೃದಯಾಘಾತದಿಂದ ಕುಸಿದು ಬಿದ್ದಿದ್ದಾರೆ. ಸಮೀಕ್ಷೆ ಕಾರ್ಯದಲ್ಲಿ ತೊಡಗಿದ್ದ ಶಿಕ್ಷಕಿಗೆ ತೀವ್ರ ಒತ್ತಡ ಉಂಟಾಗಿದ್ದು, ಕೂಡಲೇ ಸಮೀಪದ ಆಸ್ಪತ್ರೆಗೆ ದಾಖಲಿಸಲಾಯಿತು. ಸದ್ಯ ಶಿಕ್ಷಕಿ ಆರೋಗ್ಯ ಸ್ಥಿರವಾಗಿದೆ ಎಂದು ವೈದ್ಯರು ತಿಳಿಸಿದ್ದಾರೆ. ಸಮೀಕ್ಷೆ ಕಾರ್ಯದ ಒತ್ತಡದಿಂದ ಶಿಕ್ಷಕರು ಬಳಲುತ್ತಿದ್ದು, ಸರ್ಕಾರ ತಕ್ಷಣ ಕ್ರಮ ಕೈಗೊಳ್ಳಬೇಕು ಎಂದು ಶಿಕ್ಷಕರ ಸಂಘ ಒತ್ತಾಯಿಸಿದೆ. ಸಮೀಕ್ಷೆಯ ಅವಧಿಯನ್ನು ವಿಸ್ತರಿಸಬೇಕು, ಶಿಕ್ಷಕರಿಗೆ ಹೆಚ್ಚಿನ ಸಮಯ ನೀಡಬೇಕು ಎಂದು ಮನವಿ ಮಾಡಲಾಗಿದೆ. ಕರ್ನಾಟಕದಲ್ಲಿ ನಡೆಯುತ್ತಿರುವ ಸಾಮಾಜಿಕ ಮತ್ತು ಶೈಕ್ಷಣಿಕ ಸಮೀಕ್ಷೆ ಕೊನೆಯ ಹಂತ ತಲುಪಿದೆ ಎಂದು ಅಧಿಕಾರಿಗಳು ತಿಳಿಸಿದ್ದಾರೆ.

ಮನೆಗೆ ನುಗ್ಗಿದ ದರೋಡೆಕೋರರ ಜೊತೆ
ಹೋರಾಡಿದ ಚನ್ನಗಿರಿ ಮಹಿಳೆ

ದಾವಣಗೆರೆ, ಅ.12: ದಾವಣಗೆರೆಯಲ್ಲಿ ಮಹಿಳೆಯೊಬ್ಬರು ದಿಟ್ಟತನದಿಂದ ದರೋಡೆಕೋರರ ಜೊತೆ ಹೋರಾಡಿ ತಮ್ಮ ಮನೆಯನ್ನು ಕಾಪಾಡಿಕೊಂಡಿದ್ದಾರೆ. ಚನ್ನಗಿರಿ ತಾಲೂಕಿನ ಗ್ರಾಮವೊಂದರಲ್ಲಿ ಈ ಘಟನೆ ನಡೆದಿದ್ದು, ರಾತ್ರಿ ವೇಳೆ ಮನೆಗೆ ನುಗ್ಗಿದ ಮೂವರು ದರೋಡೆಕೋರರನ್ನು ಮಹಿಳೆ ಧೈರ್ಯದಿಂದ ಎದುರಿಸಿದ್ದಾರೆ. ದರೋಡೆಕೋರರು ಚಾಕು ತೋರಿಸಿ ಬೆದರಿಸಿದರೂ ಅಂಜದೆ ಕೂಗಿಕೊಂಡಿದ್ದರಿಂದ ಅಕ್ಕಪಕ್ಕದವರು ಸ್ಥಳಕ್ಕೆ ಧಾವಿಸಿದ್ದಾರೆ. ದರೋಡೆಕೋರರು ಪರಾರಿಯಾಗಿದ್ದು, ಪೊಲೀಸರು ಪ್ರಕರಣ ದಾಖಲಿಸಿಕೊಂಡು ತನಿಖೆ ನಡೆಸುತ್ತಿದ್ದಾರೆ. ಮಹಿಳೆಯ ಧೈರ್ಯಕ್ಕೆ ಗ್ರಾಮಸ್ಥರು ಮೆಚ್ಚುಗೆ ವ್ಯಕ್ತಪಡಿಸಿದ್ದಾರೆ. ಸಿಸಿಟಿವಿ ದೃಶ್ಯಾವಳಿಗಳನ್ನು ಪರಿಶೀಲಿಸಲಾಗುತ್ತಿದ್ದು, ಶೀಘ್ರದಲ್ಲೇ ಆರೋಪಿಗಳನ್ನು ಬಂಧಿಸಲಾಗುವುದು ಎಂದು ಜಿಲ್ಲಾ ಪೊಲೀಸ್ ವರಿಷ್ಠಾಧಿಕಾರಿ ತಿಳಿಸಿದ್ದಾರೆ.

ಪ್ರಾರಂಭವಾದ ಈ ವಿಮಾನ ನಿಲ್ದಾಣದ ಕಾಮಗಾರಿ ಕುರಿತು ಮಾತನಾಡಿದ ಅವರು, ಭದ್ರಾ ಜಲಾಶಯದ ಹಿನ್ನೀರು ಪ್ರದೇಶಕ್ಕೆ ಹೊಸ ಯೋಜನೆ ರೂಪಿಸಲಾಗುತ್ತಿದೆ. ಶಿವಮೊಗ್ಗ ವಿಮಾನ ನಿಲ್ದಾಣಕ್ಕೆ ಭೂಮಿ ಕಳೆದುಕೊಂಡ ರೈತರಿಗೆ ನಿವೇಶನಗಳನ್ನು ನೀಡುವ ನಿಟ್ಟಿನಲ್ಲಿ ಸರ್ಕಾರ ಕ್ರಮ ಕೈಗೊಳ್ಳಲಿದೆ ಎಂದು ಜಿಲ್ಲಾ ಉಸ್ತುವಾರಿ ಸಚಿವರು ತಿಳಿಸಿದರು.
